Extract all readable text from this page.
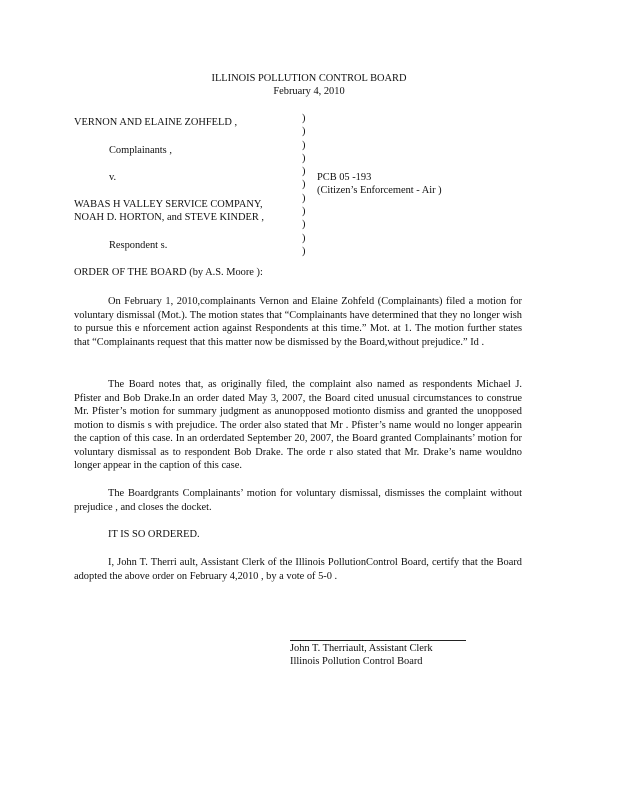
ILLINOIS POLLUTION CONTROL BOARD
February 4, 2010
VERNON AND ELAINE ZOHFELD ,
Complainants ,
v.
WABAS H VALLEY SERVICE COMPANY,
NOAH D. HORTON, and STEVE KINDER ,
Respondent s.
)
)
)
)
)
)
)
)
)
)
)
PCB 05 -193
(Citizen’s Enforcement - Air )
ORDER OF THE BOARD (by A.S. Moore ):
On February 1, 2010,complainants Vernon and Elaine Zohfeld (Complainants) filed a motion for voluntary dismissal (Mot.). The motion states that “Complainants have determined that they no longer wish to pursue this e nforcement action against Respondents at this time.” Mot. at 1. The motion further states that “Complainants request that this matter now be dismissed by the Board,without prejudice.” Id .
The Board notes that, as originally filed, the complaint also named as respondents Michael J. Pfister and Bob Drake.In an order dated May 3, 2007, the Board cited unusual circumstances to construe Mr. Pfister’s motion for summary judgment as anunopposed motionto dismiss and granted the unopposed motion to dismis s with prejudice. The order also stated that Mr . Pfister’s name would no longer appearin the caption of this case. In an orderdated September 20, 2007, the Board granted Complainants’ motion for voluntary dismissal as to respondent Bob Drake. The orde r also stated that Mr. Drake’s name wouldno longer appear in the caption of this case.
The Boardgrants Complainants’ motion for voluntary dismissal, dismisses the complaint without prejudice , and closes the docket.
IT IS SO ORDERED.
I, John T. Therri ault, Assistant Clerk of the Illinois PollutionControl Board, certify that the Board adopted the above order on February 4,2010 , by a vote of 5-0 .
John T. Therriault, Assistant Clerk
Illinois Pollution Control Board
